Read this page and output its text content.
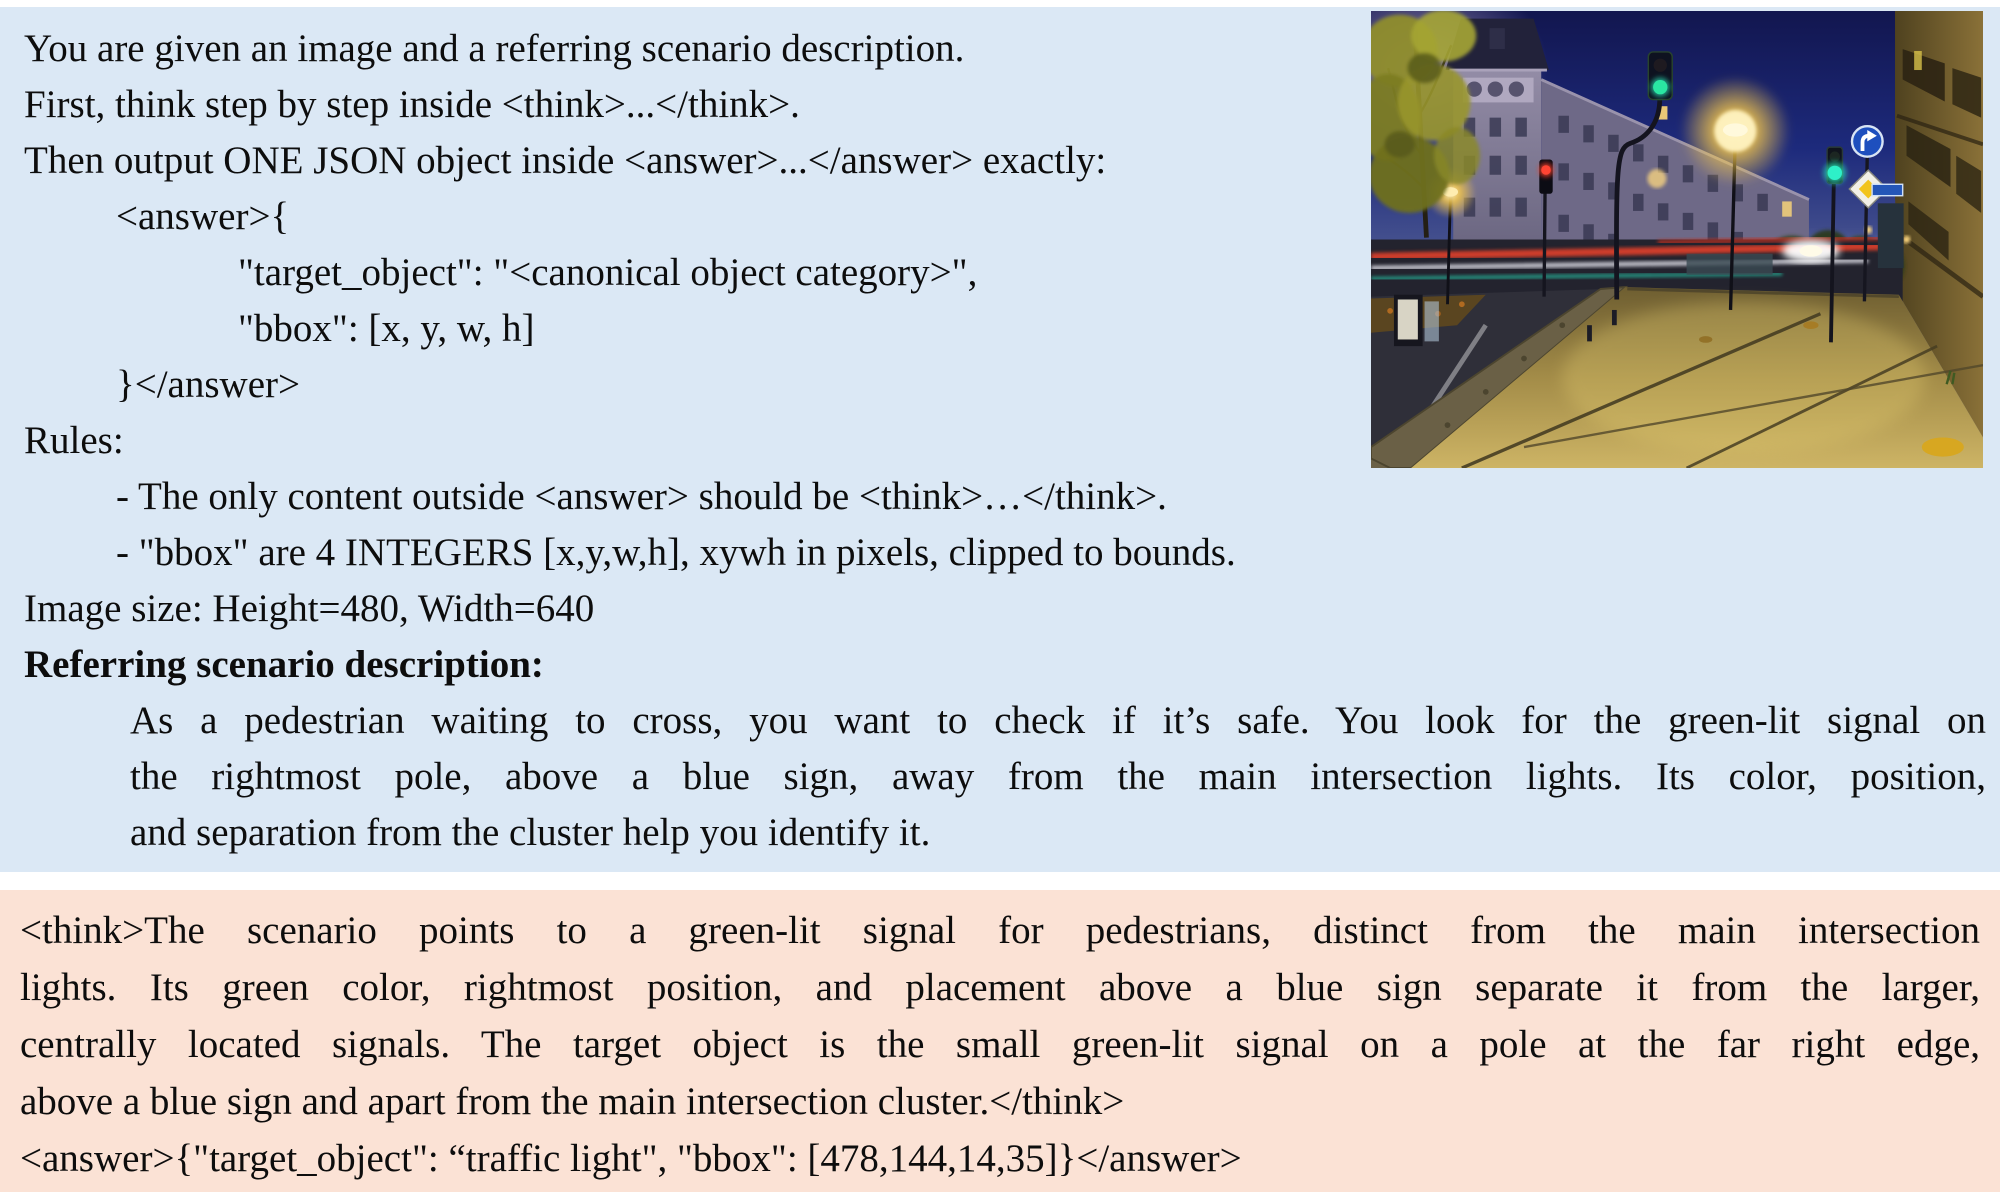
You are given an image and a referring scenario description.
First, think step by step inside <think>...</think>.
Then output ONE JSON object inside <answer>...</answer> exactly:
<answer>{
"target_object": "<canonical object category>",
"bbox": [x, y, w, h]
}</answer>
Rules:
- The only content outside <answer> should be <think>…</think>.
- "bbox" are 4 INTEGERS [x,y,w,h], xywh in pixels, clipped to bounds.
Image size: Height=480, Width=640
Referring scenario description:
As a pedestrian waiting to cross, you want to check if it’s safe. You look for the green-lit signal on
the rightmost pole, above a blue sign, away from the main intersection lights. Its color, position,
and separation from the cluster help you identify it.
<think>The scenario points to a green-lit signal for pedestrians, distinct from the main intersection
lights. Its green color, rightmost position, and placement above a blue sign separate it from the larger,
centrally located signals. The target object is the small green-lit signal on a pole at the far right edge,
above a blue sign and apart from the main intersection cluster.</think>
<answer>{"target_object": “traffic light", "bbox": [478,144,14,35]}</answer>
